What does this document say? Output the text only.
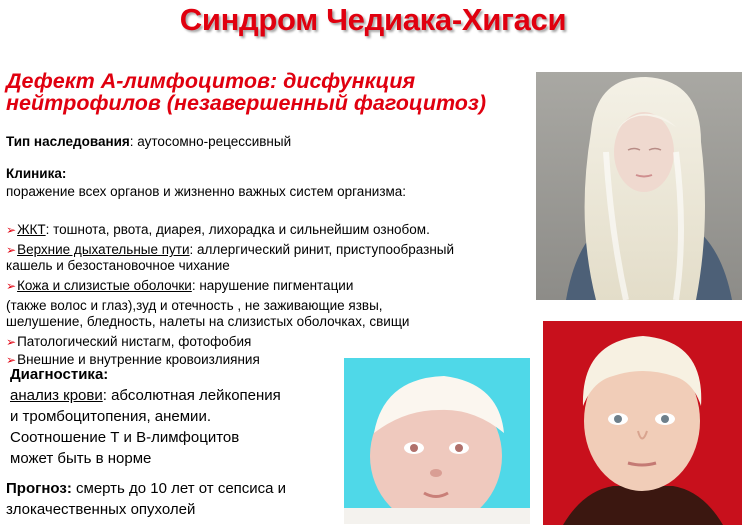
Синдром Чедиака-Хигаси
Дефект А-лимфоцитов: дисфункция
нейтрофилов (незавершенный фагоцитоз)
Тип наследования: аутосомно-рецессивный
Клиника:
поражение всех органов и жизненно важных систем организма:
➢ЖКТ: тошнота, рвота, диарея, лихорадка и сильнейшим ознобом.
➢Верхние дыхательные пути: аллергический ринит, приступообразный
кашель и безостановочное чихание
➢Кожа и слизистые оболочки: нарушение пигментации
(также волос и глаз),зуд и отечность , не заживающие язвы,
шелушение, бледность, налеты на слизистых оболочках, свищи
➢Патологический нистагм, фотофобия
➢Внешние и внутренние кровоизлияния
Диагностика:
анализ крови: абсолютная лейкопения
и тромбоцитопения, анемии.
Соотношение Т и В-лимфоцитов
может быть в норме
Прогноз: смерть до 10 лет от сепсиса и
злокачественных опухолей
